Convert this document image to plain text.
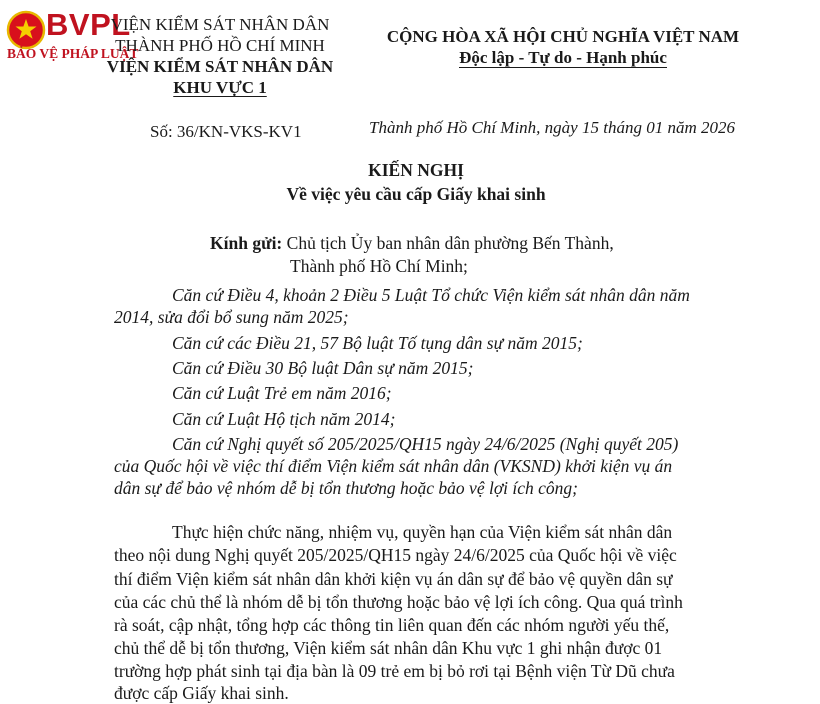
BVPL
BẢO VỆ PHÁP LUẬT
VIỆN KIỂM SÁT NHÂN DÂN
THÀNH PHỐ HỒ CHÍ MINH
VIỆN KIỂM SÁT NHÂN DÂN
KHU VỰC 1
Số: 36/KN-VKS-KV1
CỘNG HÒA XÃ HỘI CHỦ NGHĨA VIỆT NAM
Độc lập - Tự do - Hạnh phúc
Thành phố Hồ Chí Minh, ngày 15 tháng 01 năm 2026
KIẾN NGHỊ
Về việc yêu cầu cấp Giấy khai sinh
Kính gửi: Chủ tịch Ủy ban nhân dân phường Bến Thành,
Thành phố Hồ Chí Minh;
Căn cứ Điều 4, khoản 2 Điều 5 Luật Tổ chức Viện kiểm sát nhân dân năm
2014, sửa đổi bổ sung năm 2025;
Căn cứ các Điều 21, 57 Bộ luật Tố tụng dân sự năm 2015;
Căn cứ Điều 30 Bộ luật Dân sự năm 2015;
Căn cứ Luật Trẻ em năm 2016;
Căn cứ Luật Hộ tịch năm 2014;
Căn cứ Nghị quyết số 205/2025/QH15 ngày 24/6/2025 (Nghị quyết 205)
của Quốc hội về việc thí điểm Viện kiểm sát nhân dân (VKSND) khởi kiện vụ án
dân sự để bảo vệ nhóm dễ bị tổn thương hoặc bảo vệ lợi ích công;
Thực hiện chức năng, nhiệm vụ, quyền hạn của Viện kiểm sát nhân dân
theo nội dung Nghị quyết 205/2025/QH15 ngày 24/6/2025 của Quốc hội về việc
thí điểm Viện kiểm sát nhân dân khởi kiện vụ án dân sự để bảo vệ quyền dân sự
của các chủ thể là nhóm dễ bị tổn thương hoặc bảo vệ lợi ích công. Qua quá trình
rà soát, cập nhật, tổng hợp các thông tin liên quan đến các nhóm người yếu thế,
chủ thể dễ bị tổn thương, Viện kiểm sát nhân dân Khu vực 1 ghi nhận được 01
trường hợp phát sinh tại địa bàn là 09 trẻ em bị bỏ rơi tại Bệnh viện Từ Dũ chưa
được cấp Giấy khai sinh.
